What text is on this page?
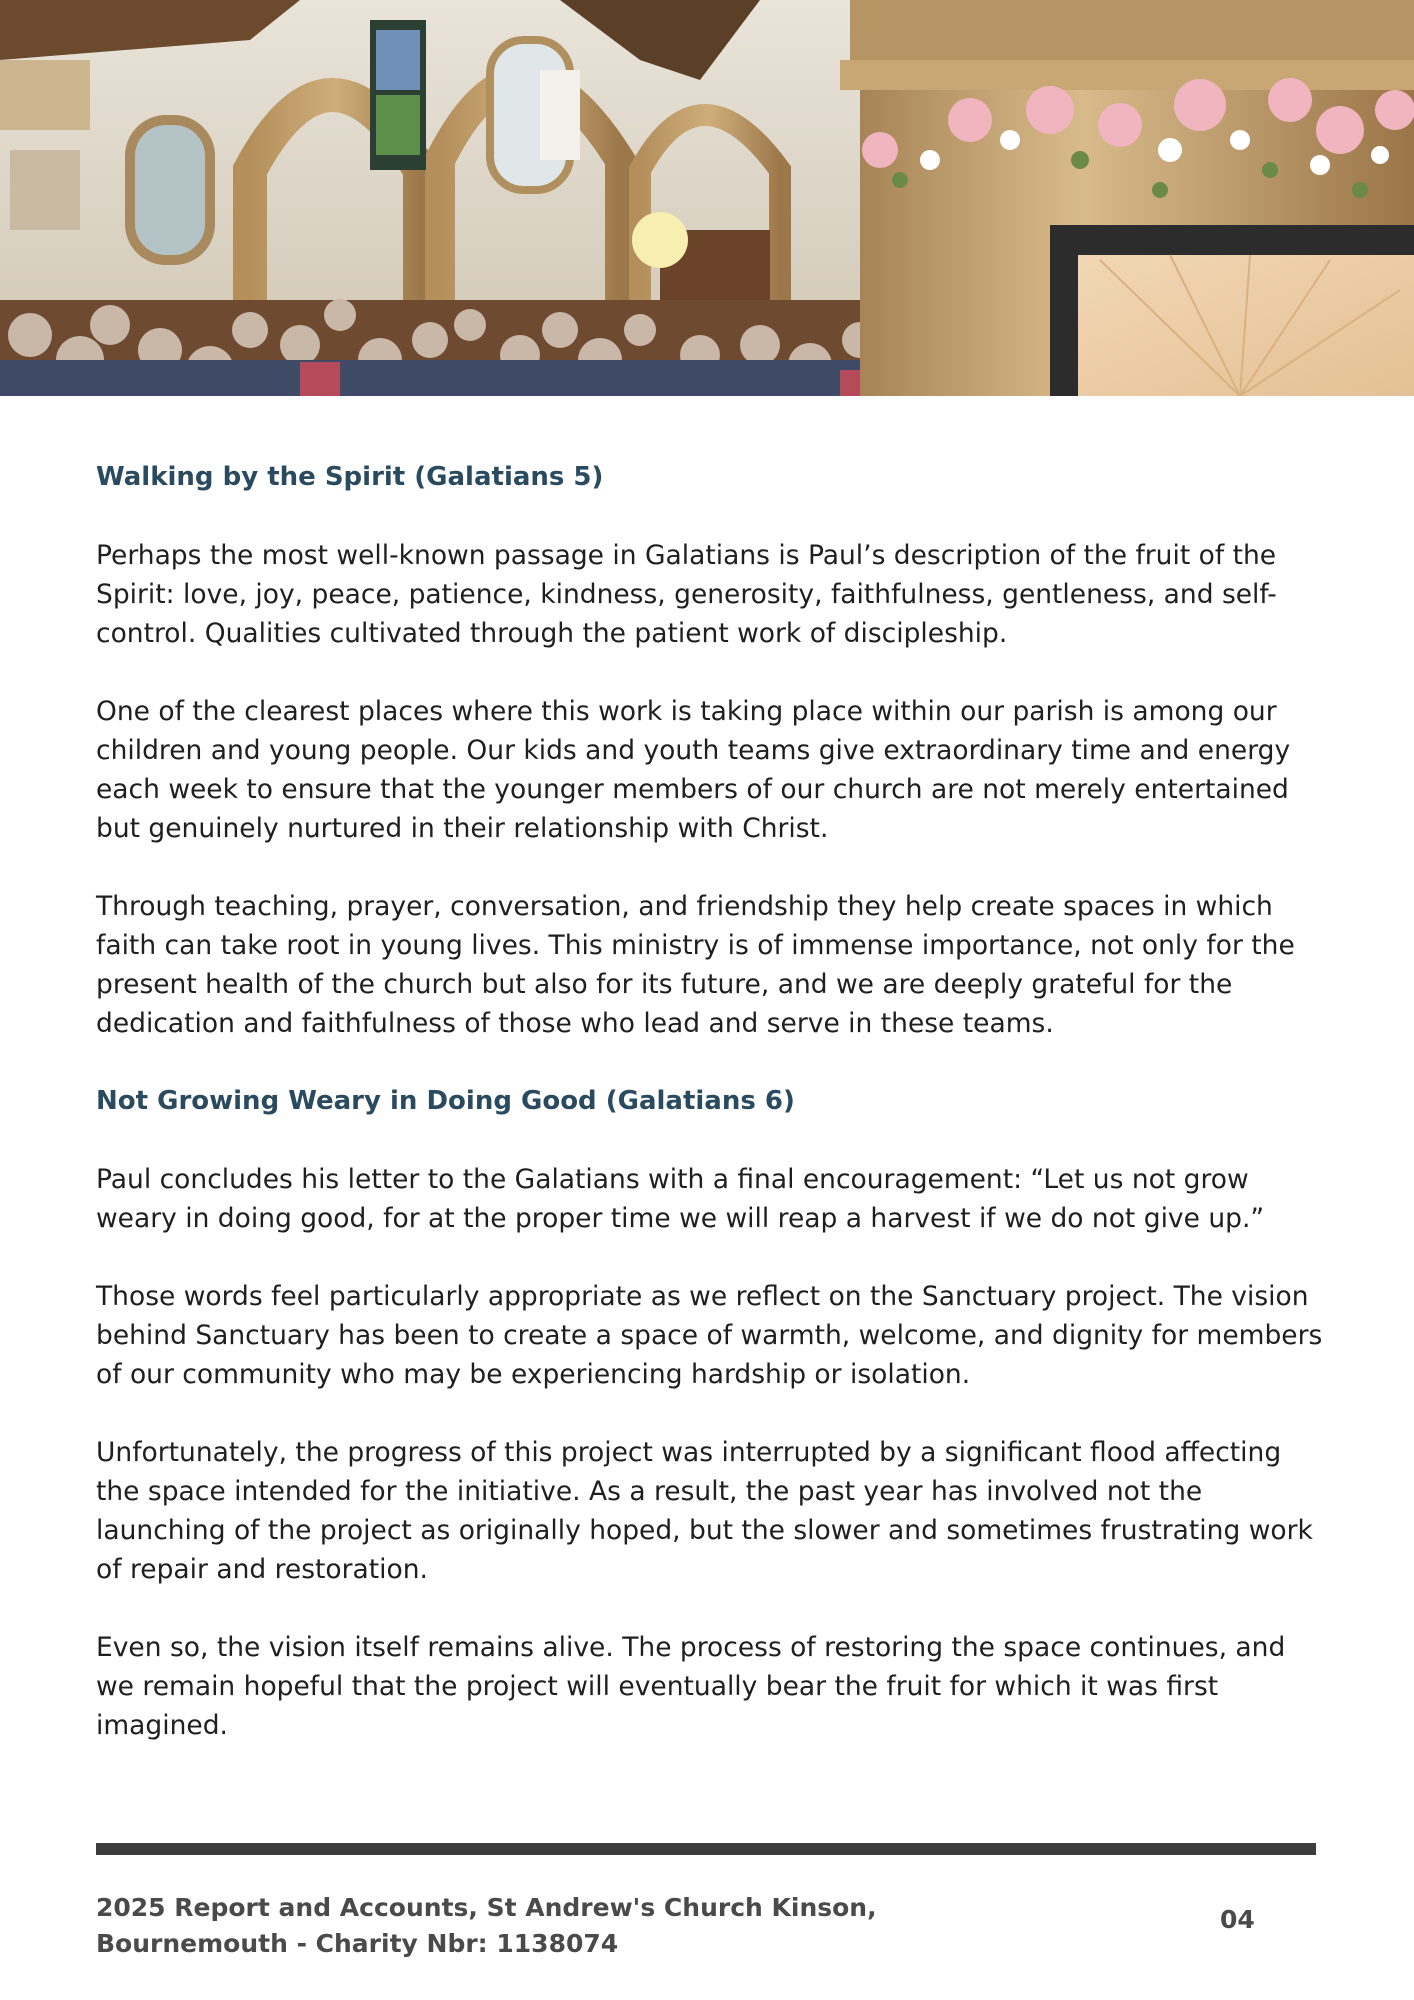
Walking by the Spirit (Galatians 5)

Perhaps the most well-known passage in Galatians is Paul’s description of the fruit of the Spirit: love, joy, peace, patience, kindness, generosity, faithfulness, gentleness, and self-control. Qualities cultivated through the patient work of discipleship.

One of the clearest places where this work is taking place within our parish is among our children and young people. Our kids and youth teams give extraordinary time and energy each week to ensure that the younger members of our church are not merely entertained but genuinely nurtured in their relationship with Christ.

Through teaching, prayer, conversation, and friendship they help create spaces in which faith can take root in young lives. This ministry is of immense importance, not only for the present health of the church but also for its future, and we are deeply grateful for the dedication and faithfulness of those who lead and serve in these teams.

Not Growing Weary in Doing Good (Galatians 6)

Paul concludes his letter to the Galatians with a final encouragement: “Let us not grow weary in doing good, for at the proper time we will reap a harvest if we do not give up.”

Those words feel particularly appropriate as we reflect on the Sanctuary project. The vision behind Sanctuary has been to create a space of warmth, welcome, and dignity for members of our community who may be experiencing hardship or isolation.

Unfortunately, the progress of this project was interrupted by a significant flood affecting the space intended for the initiative. As a result, the past year has involved not the launching of the project as originally hoped, but the slower and sometimes frustrating work of repair and restoration.

Even so, the vision itself remains alive. The process of restoring the space continues, and we remain hopeful that the project will eventually bear the fruit for which it was first imagined.

2025 Report and Accounts, St Andrew's Church Kinson,
Bournemouth - Charity Nbr: 1138074
04
